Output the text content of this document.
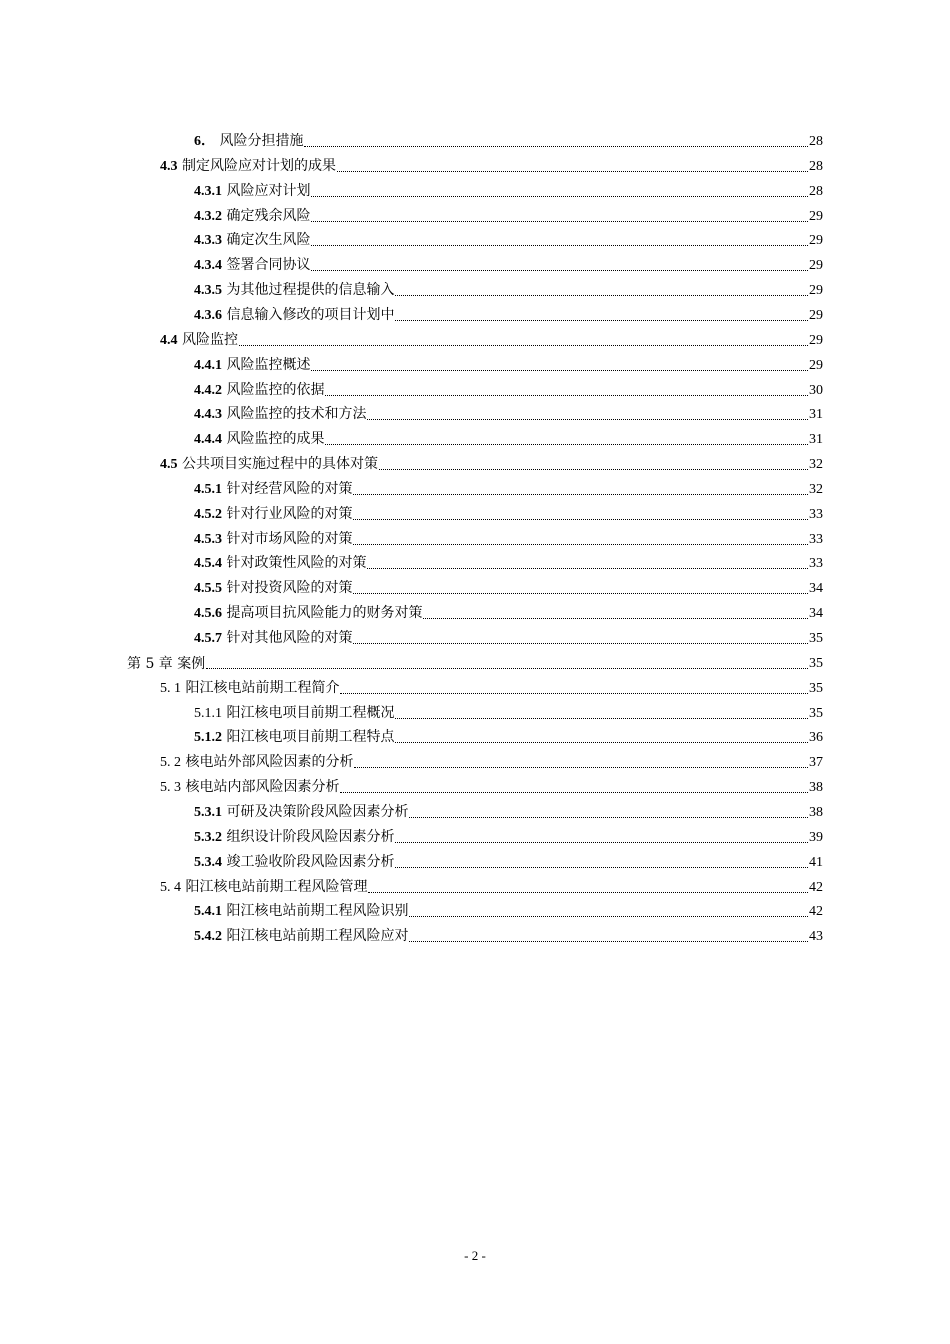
6． 风险分担措施	28
4.3 制定风险应对计划的成果	28
4.3.1 风险应对计划	28
4.3.2 确定残余风险	29
4.3.3 确定次生风险	29
4.3.4 签署合同协议	29
4.3.5 为其他过程提供的信息输入	29
4.3.6 信息输入修改的项目计划中	29
4.4 风险监控	29
4.4.1 风险监控概述	29
4.4.2 风险监控的依据	30
4.4.3 风险监控的技术和方法	31
4.4.4 风险监控的成果	31
4.5 公共项目实施过程中的具体对策	32
4.5.1 针对经营风险的对策	32
4.5.2 针对行业风险的对策	33
4.5.3 针对市场风险的对策	33
4.5.4 针对政策性风险的对策	33
4.5.5 针对投资风险的对策	34
4.5.6 提高项目抗风险能力的财务对策	34
4.5.7 针对其他风险的对策	35
第 5 章 案例	35
5. 1 阳江核电站前期工程简介	35
5.1.1 阳江核电项目前期工程概况	35
5.1.2 阳江核电项目前期工程特点	36
5. 2 核电站外部风险因素的分析	37
5. 3 核电站内部风险因素分析	38
5.3.1 可研及决策阶段风险因素分析	38
5.3.2 组织设计阶段风险因素分析	39
5.3.4 竣工验收阶段风险因素分析	41
5. 4 阳江核电站前期工程风险管理	42
5.4.1 阳江核电站前期工程风险识别	42
5.4.2 阳江核电站前期工程风险应对	43
- 2 -
